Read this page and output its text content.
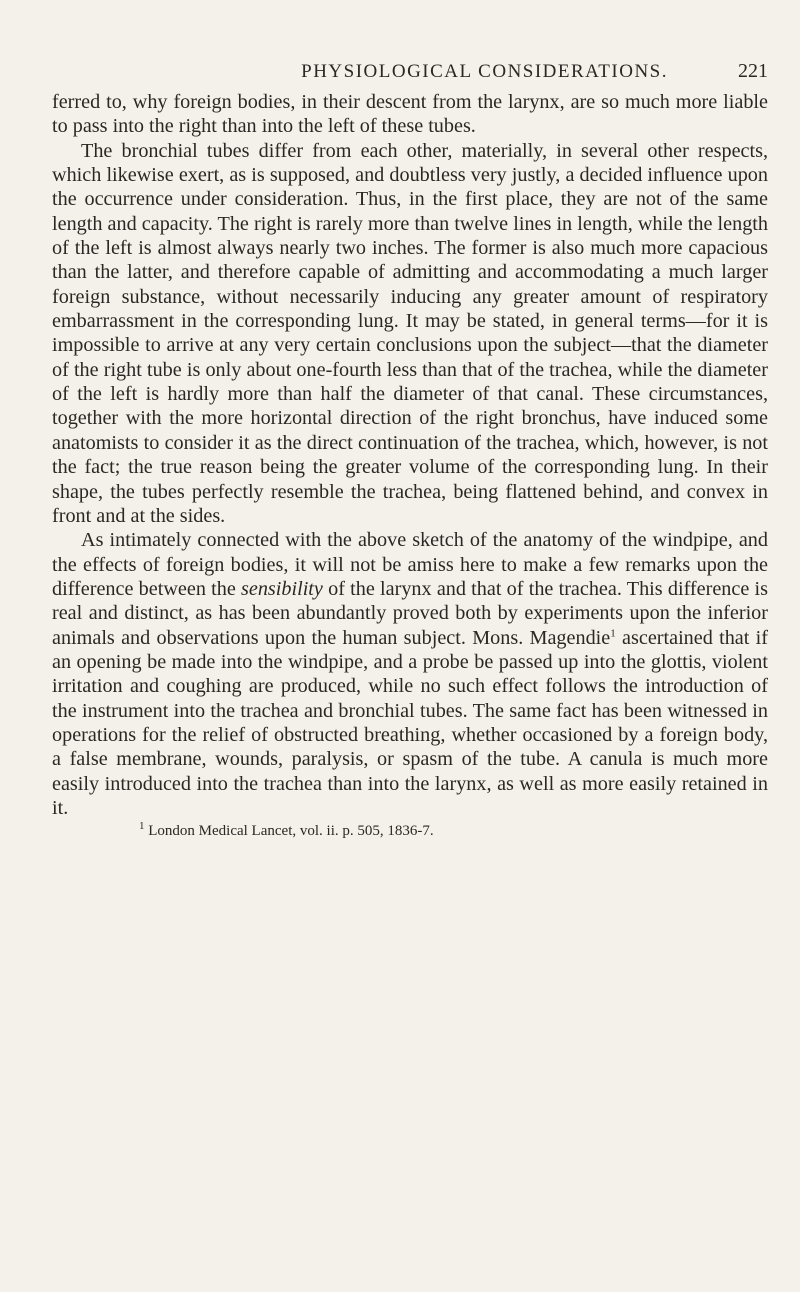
PHYSIOLOGICAL CONSIDERATIONS.	221

ferred to, why foreign bodies, in their descent from the larynx, are so much more liable to pass into the right than into the left of these tubes.

The bronchial tubes differ from each other, materially, in several other respects, which likewise exert, as is supposed, and doubtless very justly, a decided influence upon the occurrence under consideration. Thus, in the first place, they are not of the same length and capacity. The right is rarely more than twelve lines in length, while the length of the left is almost always nearly two inches. The former is also much more capacious than the latter, and therefore capable of admitting and accommodating a much larger foreign substance, without necessarily inducing any greater amount of respiratory embarrassment in the corresponding lung. It may be stated, in general terms—for it is impossible to arrive at any very certain conclusions upon the subject—that the diameter of the right tube is only about one-fourth less than that of the trachea, while the diameter of the left is hardly more than half the diameter of that canal. These circumstances, together with the more horizontal direction of the right bronchus, have induced some anatomists to consider it as the direct continuation of the trachea, which, however, is not the fact; the true reason being the greater volume of the corresponding lung. In their shape, the tubes perfectly resemble the trachea, being flattened behind, and convex in front and at the sides.

As intimately connected with the above sketch of the anatomy of the windpipe, and the effects of foreign bodies, it will not be amiss here to make a few remarks upon the difference between the sensibility of the larynx and that of the trachea. This difference is real and distinct, as has been abundantly proved both by experiments upon the inferior animals and observations upon the human subject. Mons. Magendie$^1$ ascertained that if an opening be made into the windpipe, and a probe be passed up into the glottis, violent irritation and coughing are produced, while no such effect follows the introduction of the instrument into the trachea and bronchial tubes. The same fact has been witnessed in operations for the relief of obstructed breathing, whether occasioned by a foreign body, a false membrane, wounds, paralysis, or spasm of the tube. A canula is much more easily introduced into the trachea than into the larynx, as well as more easily retained in it.

$^1$ London Medical Lancet, vol. ii. p. 505, 1836-7.
